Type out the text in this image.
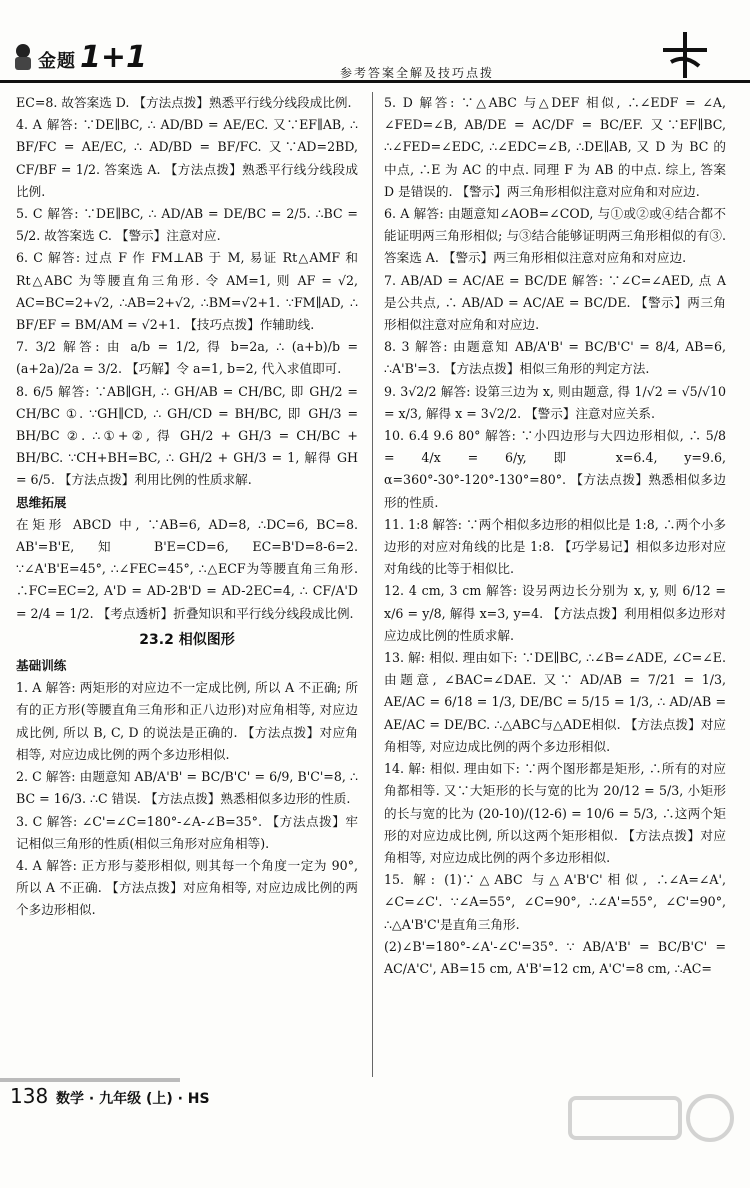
金题 1+1	参考答案全解及技巧点拨

EC=8. 故答案选 D. 【方法点拨】熟悉平行线分线段成比例.

4. A 解答: ∵DE∥BC, ∴ AD/BD = AE/EC. 又∵EF∥AB, ∴ BF/FC = AE/EC, ∴ AD/BD = BF/FC. 又∵AD=2BD, CF/BF = 1/2. 答案选 A. 【方法点拨】熟悉平行线分线段成比例.

5. C 解答: ∵DE∥BC, ∴ AD/AB = DE/BC = 2/5. ∴BC = 5/2. 故答案选 C. 【警示】注意对应.

6. C 解答: 过点 F 作 FM⊥AB 于 M, 易证 Rt△AMF 和 Rt△ABC 为等腰直角三角形. 令 AM=1, 则 AF = √2, AC=BC=2+√2, ∴AB=2+√2, ∴BM=√2+1. ∵FM∥AD, ∴ BF/EF = BM/AM = √2+1. 【技巧点拨】作辅助线.

7. 3/2 解答: 由 a/b = 1/2, 得 b=2a, ∴ (a+b)/b = (a+2a)/2a = 3/2. 【巧解】令 a=1, b=2, 代入求值即可.

8. 6/5 解答: ∵AB∥GH, ∴ GH/AB = CH/BC, 即 GH/2 = CH/BC ①. ∵GH∥CD, ∴ GH/CD = BH/BC, 即 GH/3 = BH/BC ②. ∴①+②, 得 GH/2 + GH/3 = CH/BC + BH/BC. ∵CH+BH=BC, ∴ GH/2 + GH/3 = 1, 解得 GH = 6/5. 【方法点拨】利用比例的性质求解.

思维拓展

在矩形 ABCD 中, ∵AB=6, AD=8, ∴DC=6, BC=8. AB'=B'E, 知 B'E=CD=6, EC=B'D=8-6=2. ∵∠A'B'E=45°, ∴∠FEC=45°, ∴△ECF为等腰直角三角形. ∴FC=EC=2, A'D = AD-2B'D = AD-2EC=4, ∴ CF/A'D = 2/4 = 1/2. 【考点透析】折叠知识和平行线分线段成比例.

23.2 相似图形

基础训练

1. A 解答: 两矩形的对应边不一定成比例, 所以 A 不正确; 所有的正方形(等腰直角三角形和正八边形)对应角相等, 对应边成比例, 所以 B, C, D 的说法是正确的. 【方法点拨】对应角相等, 对应边成比例的两个多边形相似.

2. C 解答: 由题意知 AB/A'B' = BC/B'C' = 6/9, B'C'=8, ∴ BC = 16/3. ∴C 错误. 【方法点拨】熟悉相似多边形的性质.

3. C 解答: ∠C'=∠C=180°-∠A-∠B=35°. 【方法点拨】牢记相似三角形的性质(相似三角形对应角相等).

4. A 解答: 正方形与菱形相似, 则其每一个角度一定为 90°, 所以 A 不正确. 【方法点拨】对应角相等, 对应边成比例的两个多边形相似.

5. D 解答: ∵△ABC 与△DEF 相似, ∴∠EDF = ∠A, ∠FED=∠B, AB/DE = AC/DF = BC/EF. 又∵EF∥BC, ∴∠FED=∠EDC, ∴∠EDC=∠B, ∴DE∥AB, 又 D 为 BC 的中点, ∴E 为 AC 的中点. 同理 F 为 AB 的中点. 综上, 答案 D 是错误的. 【警示】两三角形相似注意对应角和对应边.

6. A 解答: 由题意知∠AOB=∠COD, 与①或②或④结合都不能证明两三角形相似; 与③结合能够证明两三角形相似的有③. 答案选 A. 【警示】两三角形相似注意对应角和对应边.

7. AB/AD = AC/AE = BC/DE 解答: ∵∠C=∠AED, 点 A 是公共点, ∴ AB/AD = AC/AE = BC/DE. 【警示】两三角形相似注意对应角和对应边.

8. 3 解答: 由题意知 AB/A'B' = BC/B'C' = 8/4, AB=6, ∴A'B'=3. 【方法点拨】相似三角形的判定方法.

9. 3√2/2 解答: 设第三边为 x, 则由题意, 得 1/√2 = √5/√10 = x/3, 解得 x = 3√2/2. 【警示】注意对应关系.

10. 6.4 9.6 80° 解答: ∵小四边形与大四边形相似, ∴ 5/8 = 4/x = 6/y, 即 x=6.4, y=9.6, α=360°-30°-120°-130°=80°. 【方法点拨】熟悉相似多边形的性质.

11. 1:8 解答: ∵两个相似多边形的相似比是 1:8, ∴两个小多边形的对应对角线的比是 1:8. 【巧学易记】相似多边形对应对角线的比等于相似比.

12. 4 cm, 3 cm 解答: 设另两边长分别为 x, y, 则 6/12 = x/6 = y/8, 解得 x=3, y=4. 【方法点拨】利用相似多边形对应边成比例的性质求解.

13. 解: 相似. 理由如下: ∵DE∥BC, ∴∠B=∠ADE, ∠C=∠E. 由题意, ∠BAC=∠DAE. 又∵ AD/AB = 7/21 = 1/3, AE/AC = 6/18 = 1/3, DE/BC = 5/15 = 1/3, ∴ AD/AB = AE/AC = DE/BC. ∴△ABC与△ADE相似. 【方法点拨】对应角相等, 对应边成比例的两个多边形相似.

14. 解: 相似. 理由如下: ∵两个图形都是矩形, ∴所有的对应角都相等. 又∵大矩形的长与宽的比为 20/12 = 5/3, 小矩形的长与宽的比为 (20-10)/(12-6) = 10/6 = 5/3, ∴这两个矩形的对应边成比例, 所以这两个矩形相似. 【方法点拨】对应角相等, 对应边成比例的两个多边形相似.

15. 解: (1)∵△ABC 与△A'B'C'相似, ∴∠A=∠A', ∠C=∠C'. ∵∠A=55°, ∠C=90°, ∴∠A'=55°, ∠C'=90°, ∴△A'B'C'是直角三角形.

(2)∠B'=180°-∠A'-∠C'=35°. ∵ AB/A'B' = BC/B'C' = AC/A'C', AB=15 cm, A'B'=12 cm, A'C'=8 cm, ∴AC=

138 数学 · 九年级 (上) · HS
